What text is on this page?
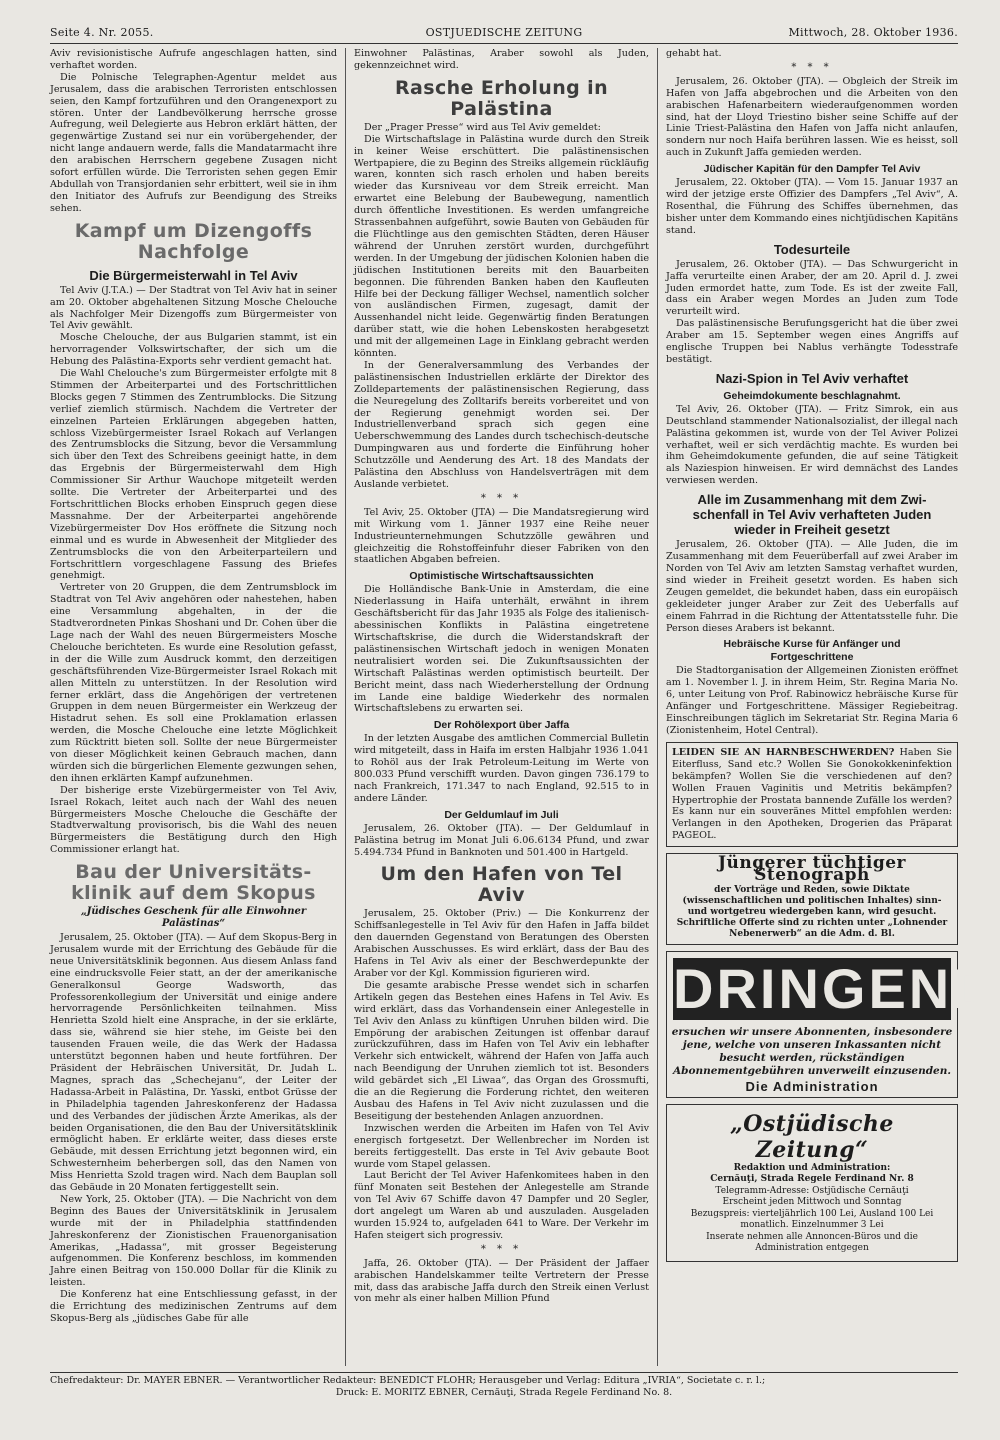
Seite 4. Nr. 2055.	OSTJUEDISCHE ZEITUNG	Mittwoch, 28. Oktober 1936.

Aviv revisionistische Aufrufe angeschlagen hatten, sind verhaftet worden.

Die Polnische Telegraphen-Agentur meldet aus Jerusalem, dass die arabischen Terroristen entschlossen seien, den Kampf fortzuführen und den Orangenexport zu stören. Unter der Landbevölkerung herrsche grosse Aufregung, weil Delegierte aus Hebron erklärt hätten, der gegenwärtige Zustand sei nur ein vorübergehender, der nicht lange andauern werde, falls die Mandatarmacht ihre den arabischen Herrschern gegebene Zusagen nicht sofort erfüllen würde. Die Terroristen sehen gegen Emir Abdullah von Transjordanien sehr erbittert, weil sie in ihm den Initiator des Aufrufs zur Beendigung des Streiks sehen.

Kampf um Dizengoffs
Nachfolge
Die Bürgermeisterwahl in Tel Aviv

Tel Aviv (J.T.A.) — Der Stadtrat von Tel Aviv hat in seiner am 20. Oktober abgehaltenen Sitzung Mosche Chelouche als Nachfolger Meir Dizengoffs zum Bürgermeister von Tel Aviv gewählt.

Mosche Chelouche, der aus Bulgarien stammt, ist ein hervorragender Volkswirtschafter, der sich um die Hebung des Palästina-Exports sehr verdient gemacht hat.

Die Wahl Chelouche's zum Bürgermeister erfolgte mit 8 Stimmen der Arbeiterpartei und des Fortschrittlichen Blocks gegen 7 Stimmen des Zentrumblocks. Die Sitzung verlief ziemlich stürmisch. Nachdem die Vertreter der einzelnen Parteien Erklärungen abgegeben hatten, schloss Vizebürgermeister Israel Rokach auf Verlangen des Zentrumsblocks die Sitzung, bevor die Versammlung sich über den Text des Schreibens geeinigt hatte, in dem das Ergebnis der Bürgermeisterwahl dem High Commissioner Sir Arthur Wauchope mitgeteilt werden sollte. Die Vertreter der Arbeiterpartei und des Fortschrittlichen Blocks erhoben Einspruch gegen diese Massnahme. Der der Arbeiterpartei angehörende Vizebürgermeister Dov Hos eröffnete die Sitzung noch einmal und es wurde in Abwesenheit der Mitglieder des Zentrumsblocks die von den Arbeiterparteilern und Fortschrittlern vorgeschlagene Fassung des Briefes genehmigt.

Vertreter von 20 Gruppen, die dem Zentrumsblock im Stadtrat von Tel Aviv angehören oder nahestehen, haben eine Versammlung abgehalten, in der die Stadtverordneten Pinkas Shoshani und Dr. Cohen über die Lage nach der Wahl des neuen Bürgermeisters Mosche Chelouche berichteten. Es wurde eine Resolution gefasst, in der die Wille zum Ausdruck kommt, den derzeitigen geschäftsführenden Vize-Bürgermeister Israel Rokach mit allen Mitteln zu unterstützen. In der Resolution wird ferner erklärt, dass die Angehörigen der vertretenen Gruppen in dem neuen Bürgermeister ein Werkzeug der Histadrut sehen. Es soll eine Proklamation erlassen werden, die Mosche Chelouche eine letzte Möglichkeit zum Rücktritt bieten soll. Sollte der neue Bürgermeister von dieser Möglichkeit keinen Gebrauch machen, dann würden sich die bürgerlichen Elemente gezwungen sehen, den ihnen erklärten Kampf aufzunehmen.

Der bisherige erste Vizebürgermeister von Tel Aviv, Israel Rokach, leitet auch nach der Wahl des neuen Bürgermeisters Mosche Chelouche die Geschäfte der Stadtverwaltung provisorisch, bis die Wahl des neuen Bürgermeisters die Bestätigung durch den High Commissioner erlangt hat.

Bau der Universitäts-
klinik auf dem Skopus
„Jüdisches Geschenk für alle Einwohner Palästinas“

Jerusalem, 25. Oktober (JTA). — Auf dem Skopus-Berg in Jerusalem wurde mit der Errichtung des Gebäude für die neue Universitätsklinik begonnen. Aus diesem Anlass fand eine eindrucksvolle Feier statt, an der der amerikanische Generalkonsul George Wadsworth, das Professorenkollegium der Universität und einige andere hervorragende Persönlichkeiten teilnahmen. Miss Henrietta Szold hielt eine Ansprache, in der sie erklärte, dass sie, während sie hier stehe, im Geiste bei den tausenden Frauen weile, die das Werk der Hadassa unterstützt begonnen haben und heute fortführen. Der Präsident der Hebräischen Universität, Dr. Judah L. Magnes, sprach das „Schechejanu“, der Leiter der Hadassa-Arbeit in Palästina, Dr. Yasski, entbot Grüsse der in Philadelphia tagenden Jahreskonferenz der Hadassa und des Verbandes der jüdischen Ärzte Amerikas, als der beiden Organisationen, die den Bau der Universitätsklinik ermöglicht haben. Er erklärte weiter, dass dieses erste Gebäude, mit dessen Errichtung jetzt begonnen wird, ein Schwesternheim beherbergen soll, das den Namen von Miss Henrietta Szold tragen wird. Nach dem Bauplan soll das Gebäude in 20 Monaten fertiggestellt sein.

New York, 25. Oktober (JTA). — Die Nachricht von dem Beginn des Baues der Universitätsklinik in Jerusalem wurde mit der in Philadelphia stattfindenden Jahreskonferenz der Zionistischen Frauenorganisation Amerikas, „Hadassa“, mit grosser Begeisterung aufgenommen. Die Konferenz beschloss, im kommenden Jahre einen Beitrag von 150.000 Dollar für die Klinik zu leisten.

Die Konferenz hat eine Entschliessung gefasst, in der die Errichtung des medizinischen Zentrums auf dem Skopus-Berg als „jüdisches Gabe für alle

Einwohner Palästinas, Araber sowohl als Juden, gekennzeichnet wird.

Rasche Erholung in Palästina

Der „Prager Presse“ wird aus Tel Aviv gemeldet:

Die Wirtschaftslage in Palästina wurde durch den Streik in keiner Weise erschüttert. Die palästinensischen Wertpapiere, die zu Beginn des Streiks allgemein rückläufig waren, konnten sich rasch erholen und haben bereits wieder das Kursniveau vor dem Streik erreicht. Man erwartet eine Belebung der Baubewegung, namentlich durch öffentliche Investitionen. Es werden umfangreiche Strassenbahnen aufgeführt, sowie Bauten von Gebäuden für die Flüchtlinge aus den gemischten Städten, deren Häuser während der Unruhen zerstört wurden, durchgeführt werden. In der Umgebung der jüdischen Kolonien haben die jüdischen Institutionen bereits mit den Bauarbeiten begonnen. Die führenden Banken haben den Kaufleuten Hilfe bei der Deckung fälliger Wechsel, namentlich solcher von ausländischen Firmen, zugesagt, damit der Aussenhandel nicht leide. Gegenwärtig finden Beratungen darüber statt, wie die hohen Lebenskosten herabgesetzt und mit der allgemeinen Lage in Einklang gebracht werden könnten.

In der Generalversammlung des Verbandes der palästinensischen Industriellen erklärte der Direktor des Zolldepartements der palästinensischen Regierung, dass die Neuregelung des Zolltarifs bereits vorbereitet und von der Regierung genehmigt worden sei. Der Industriellenverband sprach sich gegen eine Ueberschwemmung des Landes durch tschechisch-deutsche Dumpingwaren aus und forderte die Einführung hoher Schutzzölle und Aenderung des Art. 18 des Mandats der Palästina den Abschluss von Handelsverträgen mit dem Auslande verbietet.

* * *

Tel Aviv, 25. Oktober (JTA) — Die Mandatsregierung wird mit Wirkung vom 1. Jänner 1937 eine Reihe neuer Industrieunternehmungen Schutzzölle gewähren und gleichzeitig die Rohstoffeinfuhr dieser Fabriken von den staatlichen Abgaben befreien.

Optimistische Wirtschaftsaussichten

Die Holländische Bank-Unie in Amsterdam, die eine Niederlassung in Haifa unterhält, erwähnt in ihrem Geschäftsbericht für das Jahr 1935 als Folge des italienisch-abessinischen Konflikts in Palästina eingetretene Wirtschaftskrise, die durch die Widerstandskraft der palästinensischen Wirtschaft jedoch in wenigen Monaten neutralisiert worden sei. Die Zukunftsaussichten der Wirtschaft Palästinas werden optimistisch beurteilt. Der Bericht meint, dass nach Wiederherstellung der Ordnung im Lande eine baldige Wiederkehr des normalen Wirtschaftslebens zu erwarten sei.

Der Rohölexport über Jaffa

In der letzten Ausgabe des amtlichen Commercial Bulletin wird mitgeteilt, dass in Haifa im ersten Halbjahr 1936 1.041 to Rohöl aus der Irak Petroleum-Leitung im Werte von 800.033 Pfund verschifft wurden. Davon gingen 736.179 to nach Frankreich, 171.347 to nach England, 92.515 to in andere Länder.

Der Geldumlauf im Juli

Jerusalem, 26. Oktober (JTA). — Der Geldumlauf in Palästina betrug im Monat Juli 6.06.6134 Pfund, und zwar 5.494.734 Pfund in Banknoten und 501.400 in Hartgeld.

Um den Hafen von Tel Aviv

Jerusalem, 25. Oktober (Priv.) — Die Konkurrenz der Schiffsanlegestelle in Tel Aviv für den Hafen in Jaffa bildet den dauernden Gegenstand von Beratungen des Obersten Arabischen Ausschusses. Es wird erklärt, dass der Bau des Hafens in Tel Aviv als einer der Beschwerdepunkte der Araber vor der Kgl. Kommission figurieren wird.

Die gesamte arabische Presse wendet sich in scharfen Artikeln gegen das Bestehen eines Hafens in Tel Aviv. Es wird erklärt, dass das Vorhandensein einer Anlegestelle in Tel Aviv den Anlass zu künftigen Unruhen bilden wird. Die Empörung der arabischen Zeitungen ist offenbar darauf zurückzuführen, dass im Hafen von Tel Aviv ein lebhafter Verkehr sich entwickelt, während der Hafen von Jaffa auch nach Beendigung der Unruhen ziemlich tot ist. Besonders wild gebärdet sich „El Liwaa“, das Organ des Grossmufti, die an die Regierung die Forderung richtet, den weiteren Ausbau des Hafens in Tel Aviv nicht zuzulassen und die Beseitigung der bestehenden Anlagen anzuordnen.

Inzwischen werden die Arbeiten im Hafen von Tel Aviv energisch fortgesetzt. Der Wellenbrecher im Norden ist bereits fertiggestellt. Das erste in Tel Aviv gebaute Boot wurde vom Stapel gelassen.

Laut Bericht der Tel Aviver Hafenkomitees haben in den fünf Monaten seit Bestehen der Anlegestelle am Strande von Tel Aviv 67 Schiffe davon 47 Dampfer und 20 Segler, dort angelegt um Waren ab und auszuladen. Ausgeladen wurden 15.924 to, aufgeladen 641 to Ware. Der Verkehr im Hafen steigert sich progressiv.

* * *

Jaffa, 26. Oktober (JTA). — Der Präsident der Jaffaer arabischen Handelskammer teilte Vertretern der Presse mit, dass das arabische Jaffa durch den Streik einen Verlust von mehr als einer halben Million Pfund

gehabt hat.

* * *

Jerusalem, 26. Oktober (JTA). — Obgleich der Streik im Hafen von Jaffa abgebrochen und die Arbeiten von den arabischen Hafenarbeitern wiederaufgenommen worden sind, hat der Lloyd Triestino bisher seine Schiffe auf der Linie Triest-Palästina den Hafen von Jaffa nicht anlaufen, sondern nur noch Haifa berühren lassen. Wie es heisst, soll auch in Zukunft Jaffa gemieden werden.

Jüdischer Kapitän für den Dampfer Tel Aviv

Jerusalem, 22. Oktober (JTA). — Vom 15. Januar 1937 an wird der jetzige erste Offizier des Dampfers „Tel Aviv“, A. Rosenthal, die Führung des Schiffes übernehmen, das bisher unter dem Kommando eines nichtjüdischen Kapitäns stand.

Todesurteile

Jerusalem, 26. Oktober (JTA). — Das Schwurgericht in Jaffa verurteilte einen Araber, der am 20. April d. J. zwei Juden ermordet hatte, zum Tode. Es ist der zweite Fall, dass ein Araber wegen Mordes an Juden zum Tode verurteilt wird.

Das palästinensische Berufungsgericht hat die über zwei Araber am 15. September wegen eines Angriffs auf englische Truppen bei Nablus verhängte Todesstrafe bestätigt.

Nazi-Spion in Tel Aviv verhaftet
Geheimdokumente beschlagnahmt.

Tel Aviv, 26. Oktober (JTA). — Fritz Simrok, ein aus Deutschland stammender Nationalsozialist, der illegal nach Palästina gekommen ist, wurde von der Tel Aviver Polizei verhaftet, weil er sich verdächtig machte. Es wurden bei ihm Geheimdokumente gefunden, die auf seine Tätigkeit als Naziespion hinweisen. Er wird demnächst des Landes verwiesen werden.

Alle im Zusammenhang mit dem Zwi-
schenfall in Tel Aviv verhafteten Juden
wieder in Freiheit gesetzt

Jerusalem, 26. Oktober (JTA). — Alle Juden, die im Zusammenhang mit dem Feuerüberfall auf zwei Araber im Norden von Tel Aviv am letzten Samstag verhaftet wurden, sind wieder in Freiheit gesetzt worden. Es haben sich Zeugen gemeldet, die bekundet haben, dass ein europäisch gekleideter junger Araber zur Zeit des Ueberfalls auf einem Fahrrad in die Richtung der Attentatsstelle fuhr. Die Person dieses Arabers ist bekannt.

Hebräische Kurse für Anfänger und
Fortgeschrittene

Die Stadtorganisation der Allgemeinen Zionisten eröffnet am 1. November l. J. in ihrem Heim, Str. Regina Maria No. 6, unter Leitung von Prof. Rabinowicz hebräische Kurse für Anfänger und Fortgeschrittene. Mässiger Regiebeitrag. Einschreibungen täglich im Sekretariat Str. Regina Maria 6 (Zionistenheim, Hotel Central).

LEIDEN SIE AN HARNBESCHWERDEN? Haben Sie Eiterfluss, Sand etc.? Wollen Sie Gonokokkeninfektion bekämpfen? Wollen Sie die verschiedenen auf den? Wollen Frauen Vaginitis und Metritis bekämpfen? Hypertrophie der Prostata bannende Zufälle los werden? Es kann nur ein souveränes Mittel empfohlen werden: Verlangen in den Apotheken, Drogerien das Präparat PAGEOL.
Jüngerer tüchtiger Stenograph
der Vorträge und Reden, sowie Diktate (wissenschaftlichen und politischen Inhaltes) sinn- und wortgetreu wiedergeben kann, wird gesucht. Schriftliche Offerte sind zu richten unter „Lohnender Nebenerwerb“ an die Adm. d. Bl.
DRINGEND
ersuchen wir unsere Abonnenten, insbesondere jene, welche von unseren Inkassanten nicht besucht werden, rückständigen Abonnementgebühren unverweilt einzusenden.
Die Administration
„Ostjüdische Zeitung“
Redaktion und Administration:
Cernăuţi, Strada Regele Ferdinand Nr. 8
Telegramm-Adresse: Ostjüdische Cernăuţi
Erscheint jeden Mittwoch und Sonntag
Bezugspreis: vierteljährlich 100 Lei, Ausland 100 Lei monatlich. Einzelnummer 3 Lei
Inserate nehmen alle Annoncen-Büros und die Administration entgegen
Chefredakteur: Dr. MAYER EBNER. — Verantwortlicher Redakteur: BENEDICT FLOHR; Herausgeber und Verlag: Editura „IVRIA“, Societate c. r. l.;
Druck: E. MORITZ EBNER, Cernăuţi, Strada Regele Ferdinand No. 8.
